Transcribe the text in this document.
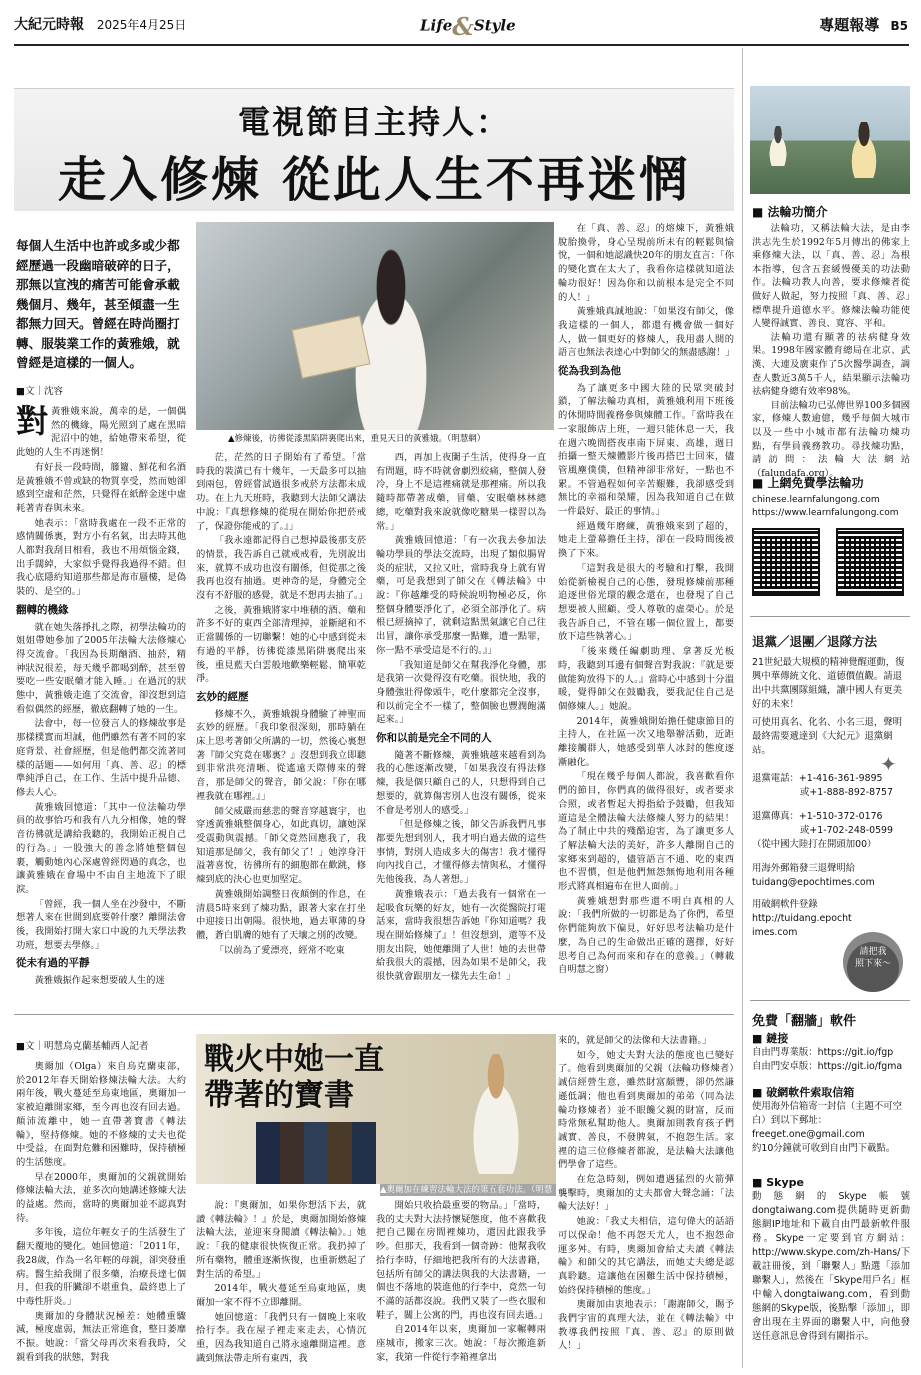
大紀元時報 2025年4月25日	Life&Style	專題報導 B5
電視節目主持人：
走入修煉 從此人生不再迷惘
每個人生活中也許或多或少都經歷過一段幽暗破碎的日子，那無以宣洩的痛苦可能會承載幾個月、幾年，甚至傾盡一生都無力回天。曾經在時尚圈打轉、服裝業工作的黃雅娥，就曾經是這樣的一個人。
■文｜沈容
▲修煉後，彷彿從漆黑陷阱裏爬出來，重見天日的黃雅娥。（明慧網）

對黃雅娥來說，萬幸的是，一個偶然的機緣，陽光照到了處在黑暗泥沼中的她，給她帶來希望，從此她的人生不再迷惘！

有好長一段時間，籐籮、鮮花和名酒是黃雅娥不曾或缺的物質享受，然而她卻感到空虛和茫然，只覺得在紙醉金迷中虛耗著青春與未來。

她表示：「當時我處在一段不正常的感情關係裏，對方小有名氣，出去時其他人都對我刮目相看，我也不用煩惱金錢，出手闊綽，大家似乎覺得我過得不錯。但我心底隱約知道那些都是海市蜃樓，是偽裝的、是空的。」

翻轉的機緣

就在她失落掙扎之際，初學法輪功的姐姐帶她參加了2005年法輪大法修煉心得交流會。「我因為長期酗酒、抽菸，精神狀況很差，每天幾乎都喝到醉，甚至曾要吃一些安眠藥才能入睡。」在過沉的狀態中，黃雅娥走進了交流會，卻沒想到這看似偶然的經歷，徹底翻轉了她的一生。

法會中，每一位發言人的修煉故事是那樣樸實而坦誠，他們雖然有著不同的家庭背景、社會經歷，但是他們都交流著同樣的話題——如何用「真、善、忍」的標準純淨自己，在工作、生活中提升品德、修去人心。

黃雅娥回憶道：「其中一位法輪功學員的故事恰巧和我有八九分相像，她的聲音彷彿就是講給我聽的，我開始正視自己的行為。」一股強大的善念將她整個包裹，觸動她內心深處曾經閃過的真念，也讓黃雅娥在會場中不由自主地流下了眼淚。

「曾經，我一個人坐在沙發中，不斷想著人來在世間到底要幹什麼？離開法會後，我開始打開大家口中說的九天學法教功班，想要去學修。」

從未有過的平靜

黃雅娥振作起來想要破人生的迷

茫，茫然的日子開始有了希望。「當時我的裝潢已有十幾年，一天最多可以抽到兩包，曾經嘗試過很多戒菸方法都未成功。在上九天班時，我聽到大法師父講法中說：『真想修煉的從現在開始你把菸戒了，保證你能戒的了。』」

「我永遠都記得自己想掉最後那支菸的情景，我告訴自己就戒戒看，先別說出來，就算不成功也沒有關係，但從那之後我再也沒有抽過。更神奇的是，身體完全沒有不舒服的感覺，就是不想再去抽了。」

之後，黃雅娥將家中堆積的酒、藥和許多不好的東西全部清理掉，並斷絕和不正當關係的一切聯繫！她的心中感到從未有過的平靜，彷彿從漆黑陷阱裏爬出來後，重見藍天白雲般地歡樂輕鬆、簡單乾淨。

玄妙的經歷

修煉不久，黃雅娥親身體驗了神聖而玄妙的經歷。「我印象很深刻，那時躺在床上思考著師父所講的一切，然後心裏想著『師父究竟在哪裏？』沒想到我立即聽到非常洪亮清晰、從遙遠天際傳來的聲音，那是師父的聲音，師父說：『你在哪裡我就在哪裡。』」

師父威嚴而慈悲的聲音穿越寰宇，也穿透黃雅娥整個身心，如此真切，讓她深受震動與震撼。「師父竟然回應我了，我知道那是師父，我有師父了！」她淳身汗溢著喜悅，彷彿所有的細胞都在歡跳，修煉到底的決心也更加堅定。

黃雅娥開始調整日夜顛倒的作息，在清晨5時來到了煉功點，跟著大家在打坐中迎接日出朝陽。很快地，過去單薄的身體，蒼白肌膚的她有了天壤之別的改變。

「以前為了愛漂亮，經常不吃東

西，再加上夜闌子生活，使得身一直有問題，時不時就會劇烈絞痛，整個人發冷，身上不是這裡痛就是那裡痛。所以我隨時都帶著成藥，冒藥、安眠藥林林總總，吃藥對我來說就像吃糖果一樣習以為常。」

黃雅娥回憶道：「有一次我去參加法輪功學員的學法交流時，出現了類似腸胃炎的症狀，又拉又吐，當時我身上就有胃藥，可是我想到了師父在《轉法輪》中說：『你越離受的時候說明物極必反，你整個身體要淨化了，必須全部淨化了。病根已經摘掉了，就剩這點黑氣讓它自己往出冒，讓你承受那麼一點難，遭一點罪，你一點不承受這是不行的。』」

「我知道是師父在幫我淨化身體，那是我第一次覺得沒有吃藥。很快地，我的身體強壯得像頭牛，吃什麼都完全沒事，和以前完全不一樣了，整個臉也豐潤飽滿起來。」

你和以前是完全不同的人

隨著不斷修煉，黃雅娥越來越看到為我的心態逐漸改變，「如果我沒有得法修煉，我是個只顧自己的人，只想得到自己想要的，就算傷害別人也沒有關係，從來不會是考別人的感受。」

「但是修煉之後，師父告訴我們凡事都要先想到別人，我才明白過去做的這些事情，對別人造成多大的傷害！我才懂得向內找自己，才懂得修去情與私，才懂得先他後我、為人著想。」

黃雅娥表示：「過去我有一個常在一起吸食玩樂的好友，她有一次從醫院打電話來，當時我很想告訴她『你知道嗎？我現在開始修煉了』！但沒想到，還等不及朋友出院，她便離開了人世！她的去世帶給我很大的震撼，因為如果不是師父，我很快就會跟朋友一樣先去生命！」

在「真、善、忍」的熔煉下，黃雅娥脫胎換骨，身心呈現前所未有的輕鬆與愉悅，一個和她認識快20年的朋友直言：「你的變化實在太大了，我看你這樣就知道法輪功很好！因為你和以前根本是完全不同的人！」

黃雅娥真誠地說：「如果沒有師父，像我這樣的一個人，都還有機會做一個好人，做一個更好的修煉人，我用盡人間的語言也無法表達心中對師父的無盡感謝！」

從為我到為他

為了讓更多中國大陸的民眾突破封鎖，了解法輪功真相，黃雅娥利用下班後的休閒時間義務參與煉體工作。「當時我在一家服飾店上班，一週只能休息一天，我在週六晚間搭夜車南下屏東、高雄，週日拍攝一整天煉體影片後再搭巴士回來，儘管風塵僕僕，但精神卻非常好，一點也不累。不管過程如何辛苦艱難，我卻感受到無比的幸福和榮耀，因為我知道自己在做一件最好、最正的事情。」

經過幾年磨練，黃雅娥來到了超的，她走上螢幕擔任主持，卻在一段時間後被換了下來。

「這對我是很大的考驗和打擊，我開始從新檢視自己的心態，發現修煉前那種追逐世俗光環的觀念還在，也發現了自己想要被人照顧、受人尊敬的虛榮心。於是我告訴自己，不管在哪一個位置上，都要放下這些執著心。」

「後來幾任編劇助理、拿著反光板時，我聽到耳邊有個聲音對我說：『就是要做能夠放得下的人。』當時心中感到十分溫暖，覺得師父在鼓勵我，要我記住自己是個修煉人。」她說。

2014年，黃雅娥開始擔任健康節目的主持人，在社區一次又地舉辦活動，近距離接觸群人，她感受到華人冰封的態度逐漸融化。

「現在幾乎每個人都說，我喜歡看你們的節目，你們真的做得很好，或者要求合照，或者暫起大拇指給予鼓勵，但我知道這是全體法輪大法修煉人努力的結果！為了制止中共的殘酷迫害，為了讓更多人了解法輪大法的美好，許多人離開自己的家鄉來到超的，儘管語言不通、吃的東西也不習慣，但是他們無怨無悔地利用各種形式將真相遍布在世人面前。」

黃雅娥想對那些還不明白真相的人說：「我們所做的一切都是為了你們，希望你們能夠放下偏見，好好思考法輪功是什麼，為自己的生命做出正確的選擇，好好思考自己為何而來和存在的意義。」（轉載自明慧之窗）

■文｜明慧烏克蘭基輔西人記者	戰火中她一直
帶著的寶書
▲奧爾加在練習法輪大法的第五套功法。（明慧網）

奧爾加（Olga）來自烏克蘭東部，於2012年春天開始修煉法輪大法。大約兩年後，戰火蔓延至烏東地區，奧爾加一家被迫離開家鄉，至今再也沒有回去過。顛沛流離中，她一直帶著寶書《轉法輪》，堅持修煉。她的不修煉的丈夫也從中受益，在面對危難和困難時，保持積極的生活態度。

早在2000年，奧爾加的父親就開始修煉法輪大法，並多次向她講述修煉大法的益處。然而，當時的奧爾加並不認真對待。

多年後，這位年輕女子的生活發生了翻天覆地的變化。她回憶道：「2011年，我28歲，作為一名年輕的母親，卻突發重病。醫生給我開了很多藥，治療長達七個月，但我的肝臟卻不堪重負，最終患上了中毒性肝炎。」

奧爾加的身體狀況極差：她體重驟減，極度虛弱，無法正常進食，整日萎靡不振。她說：「當父母再次來看我時，父親看到我的狀態，對我

說：『奧爾加，如果你想活下去，就讀《轉法輪》！』於是，奧爾加開始修煉法輪大法，並迎來身閱讀《轉法輪》。」她說：「我的健康很快恢復正常。我扔掉了所有藥物，體重逐漸恢復，也重新燃起了對生活的希望。」

2014年，戰火蔓延至烏東地區，奧爾加一家不得不立即離開。

她回憶道：「我們只有一個晚上來收拾行李。我在屋子裡走來走去，心情沉重，因為我知道自己將永遠離開這裡。意識到無法帶走所有東西，我

開始只收拾最重要的物品。」「當時，我的丈夫對大法持懷疑態度，他不喜歡我把自己關在房間裡煉功，還因此跟我爭吵。但那天，我看到一個奇跡：他幫我收拾行李時，仔細地把我所有的大法書籍，包括所有師父的講法與我的大法書籍，一個也不落地的裝進他的行李中，竟然一句不滿的話都沒說。我們又裝了一些衣服和鞋子，關上公寓的門，再也沒有回去過。」

自2014年以來，奧爾加一家輾轉兩座城市，搬家三次。她說：「每次搬進新家，我第一件從行李箱裡拿出

來的，就是師父的法像和大法書籍。」

如今，她丈夫對大法的態度也已變好了。他看到奧爾加的父親（法輪功修煉者）誠信經營生意，雖然財富頗豐，卻仍然謙遜低調；他也看到奧爾加的弟弟（同為法輪功修煉者）並不眼饞父親的財富，反而時常無私幫助他人。奧爾加則教育孩子們誠實、善良，不發脾氣，不抱怨生活。家裡的這三位修煉者都說，是法輪大法讓他們學會了這些。

在危急時刻，例如遭遇猛烈的火箭彈襲擊時，奧爾加的丈夫都會大聲念誦：「法輪大法好！」

她說：「我丈夫相信，這句偉大的話語可以保命！他不再怨天尤人，也不抱怨命運多舛。有時，奧爾加會給丈夫讀《轉法輪》和師父的其它講法，而她丈夫總是認真聆聽。這讓他在困難生活中保持積極，始終保持積極的態度。」

奧爾加由衷地表示：「謝謝師父，賜予我們宇宙的真理大法，並在《轉法輪》中教導我們按照『真、善、忍』的原則做人！」

■ 法輪功簡介

法輪功，又稱法輪大法，是由李洪志先生於1992年5月傳出的佛家上乘修煉大法，以「真、善、忍」為根本指導，包含五套緩慢優美的功法動作。法輪功教人向善，要求修煉者從做好人做起，努力按照「真、善、忍」標準提升道德水平。修煉法輪功能使人變得誠實、善良、寬容、平和。

法輪功還有顯著的祛病健身效果。1998年國家體育總局在北京、武漢、大連及廣東作了5次醫學調查，調查人數近3萬5千人，結果顯示法輪功祛病健身總有效率98%。

目前法輪功已弘傳世界100多個國家，修煉人數逾億，幾乎每個大城市以及一些中小城市都有法輪功煉功點，有學員義務教功。尋找煉功點，請訪問：法輪大法網站（falundafa.org）。

■ 上網免費學法輪功
chinese.learnfalungong.com
https://www.learnfalungong.com
退黨／退團／退隊方法
21世紀最大規模的精神覺醒運動，復興中華傳統文化、道德價值觀。請退出中共黨團隊組織，讓中國人有更美好的未來！
可使用真名、化名、小名三退，聲明最終需要遞達到《大紀元》退黨網站。
退黨電話：+1-416-361-9895
或+1-888-892-8757
✦
退黨傳真：+1-510-372-0176
或+1-702-248-0599
（從中國大陸打在開頭加00）
用海外郵箱發三退聲明給
tuidang@epochtimes.com
用破網軟件登錄
http://tuidang.epochtimes.com
請把我
照下來～
免費「翻牆」軟件
■ 鏈接
自由門專業版：https://git.io/fgp
自由門安卓版：https://git.io/fgma
■ 破網軟件索取信箱
使用海外信箱寄一封信（主題不可空白）到以下郵址：
freeget.one@gmail.com
約10分鐘就可收到自由門下載點。
■ Skype
動態網的Skype帳號dongtaiwang.com提供隨時更新動態網IP地址和下載自由門最新軟件服務。Skype一定要到官方網站：http://www.skype.com/zh-Hans/下載註冊後，到「聯繫人」點選「添加聯繫人」，然後在「Skype用戶名」框中輸入dongtaiwang.com，看到動態網的Skype版，後點擊「添加」，即會出現在主界面的聯繫人中，向他發送任意訊息會得到有關指示。
